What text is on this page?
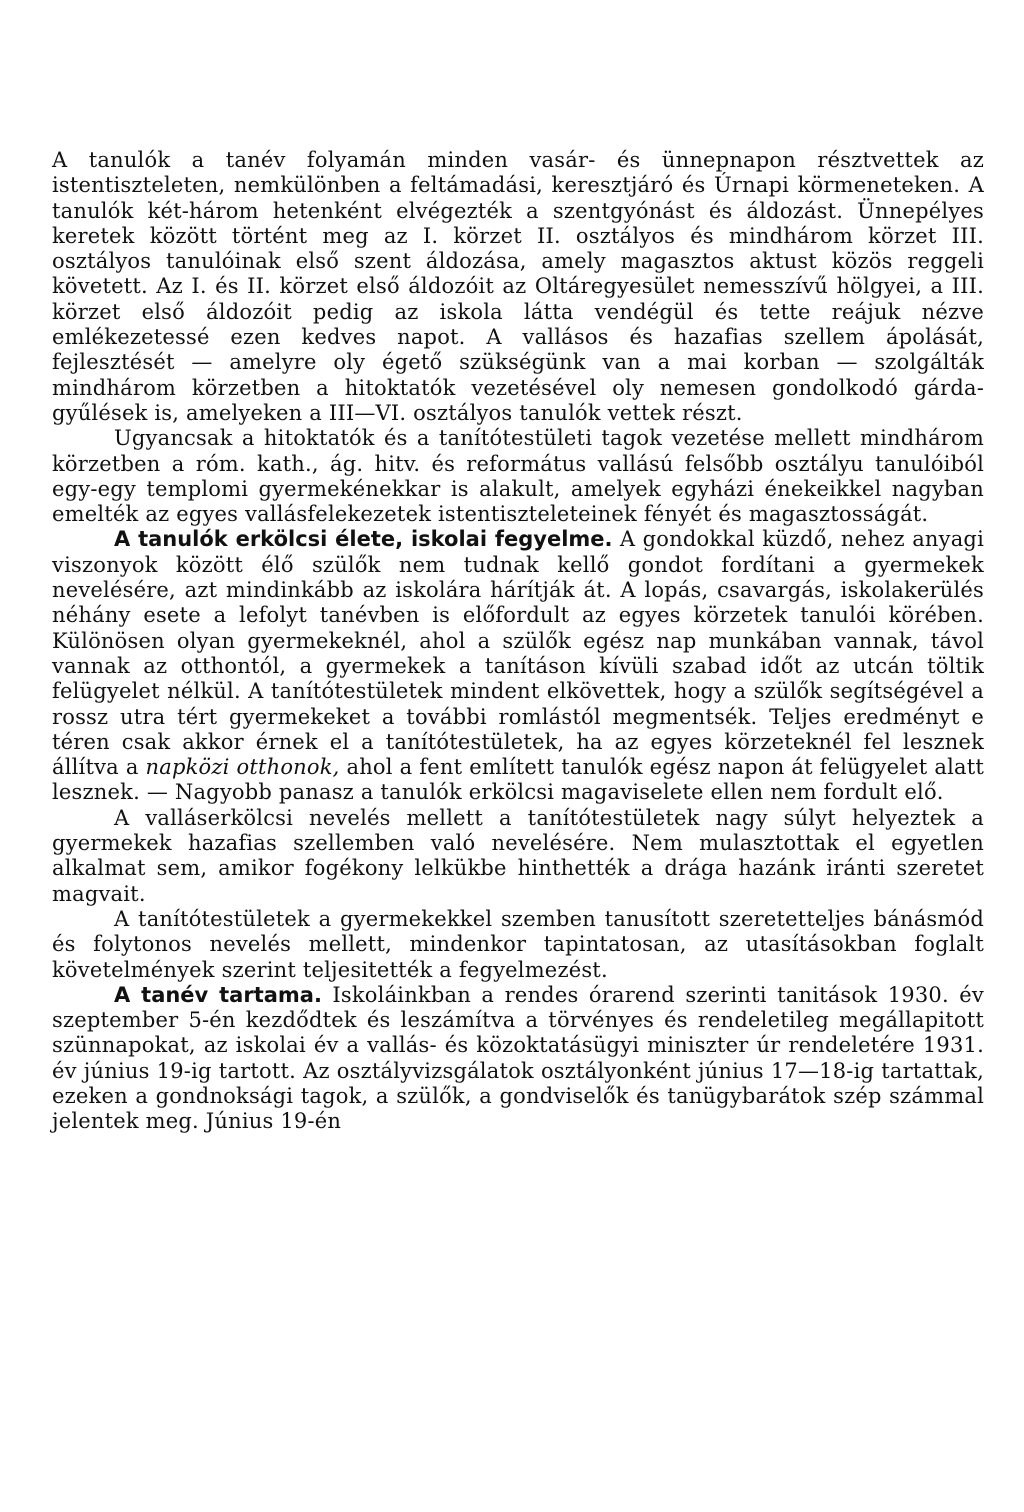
A tanulók a tanév folyamán minden vasár- és ünnepnapon résztvettek az istentiszteleten, nemkülönben a feltámadási, keresztjáró és Úrnapi körmeneteken. A tanulók két-három hetenként elvégezték a szentgyónást és áldozást. Ünnepélyes keretek között történt meg az I. körzet II. osztályos és mindhárom körzet III. osztályos tanulóinak első szent áldozása, amely magasztos aktust közös reggeli követett. Az I. és II. körzet első áldozóit az Oltáregyesület nemesszívű hölgyei, a III. körzet első áldozóit pedig az iskola látta vendégül és tette reájuk nézve emlékezetessé ezen kedves napot. A vallásos és hazafias szellem ápolását, fejlesztését — amelyre oly égető szükségünk van a mai korban — szolgálták mindhárom körzetben a hitoktatók vezetésével oly nemesen gondolkodó gárda-gyűlések is, amelyeken a III—VI. osztályos tanulók vettek részt.

Ugyancsak a hitoktatók és a tanítótestületi tagok vezetése mellett mindhárom körzetben a róm. kath., ág. hitv. és református vallású felsőbb osztályu tanulóiból egy-egy templomi gyermekénekkar is alakult, amelyek egyházi énekeikkel nagyban emelték az egyes vallásfelekezetek istentiszteleteinek fényét és magasztosságát.

A tanulók erkölcsi élete, iskolai fegyelme. A gondokkal küzdő, nehez anyagi viszonyok között élő szülők nem tudnak kellő gondot fordítani a gyermekek nevelésére, azt mindinkább az iskolára hárítják át. A lopás, csavargás, iskolakerülés néhány esete a lefolyt tanévben is előfordult az egyes körzetek tanulói körében. Különösen olyan gyermekeknél, ahol a szülők egész nap munkában vannak, távol vannak az otthontól, a gyermekek a tanításon kívüli szabad időt az utcán töltik felügyelet nélkül. A tanítótestületek mindent elkövettek, hogy a szülők segítségével a rossz utra tért gyermekeket a további romlástól megmentsék. Teljes eredményt e téren csak akkor érnek el a tanítótestületek, ha az egyes körzeteknél fel lesznek állítva a napközi otthonok, ahol a fent említett tanulók egész napon át felügyelet alatt lesznek. — Nagyobb panasz a tanulók erkölcsi magaviselete ellen nem fordult elő.

A valláserkölcsi nevelés mellett a tanítótestületek nagy súlyt helyeztek a gyermekek hazafias szellemben való nevelésére. Nem mulasztottak el egyetlen alkalmat sem, amikor fogékony lelkükbe hinthették a drága hazánk iránti szeretet magvait.

A tanítótestületek a gyermekekkel szemben tanusított szeretetteljes bánásmód és folytonos nevelés mellett, mindenkor tapintatosan, az utasításokban foglalt követelmények szerint teljesitették a fegyelmezést.

A tanév tartama. Iskoláinkban a rendes órarend szerinti tanitások 1930. év szeptember 5-én kezdődtek és leszámítva a törvényes és rendeletileg megállapitott szünnapokat, az iskolai év a vallás- és közoktatásügyi miniszter úr rendeletére 1931. év június 19-ig tartott. Az osztályvizsgálatok osztályonként június 17—18-ig tartattak, ezeken a gondnoksági tagok, a szülők, a gondviselők és tanügybarátok szép számmal jelentek meg. Június 19-én
